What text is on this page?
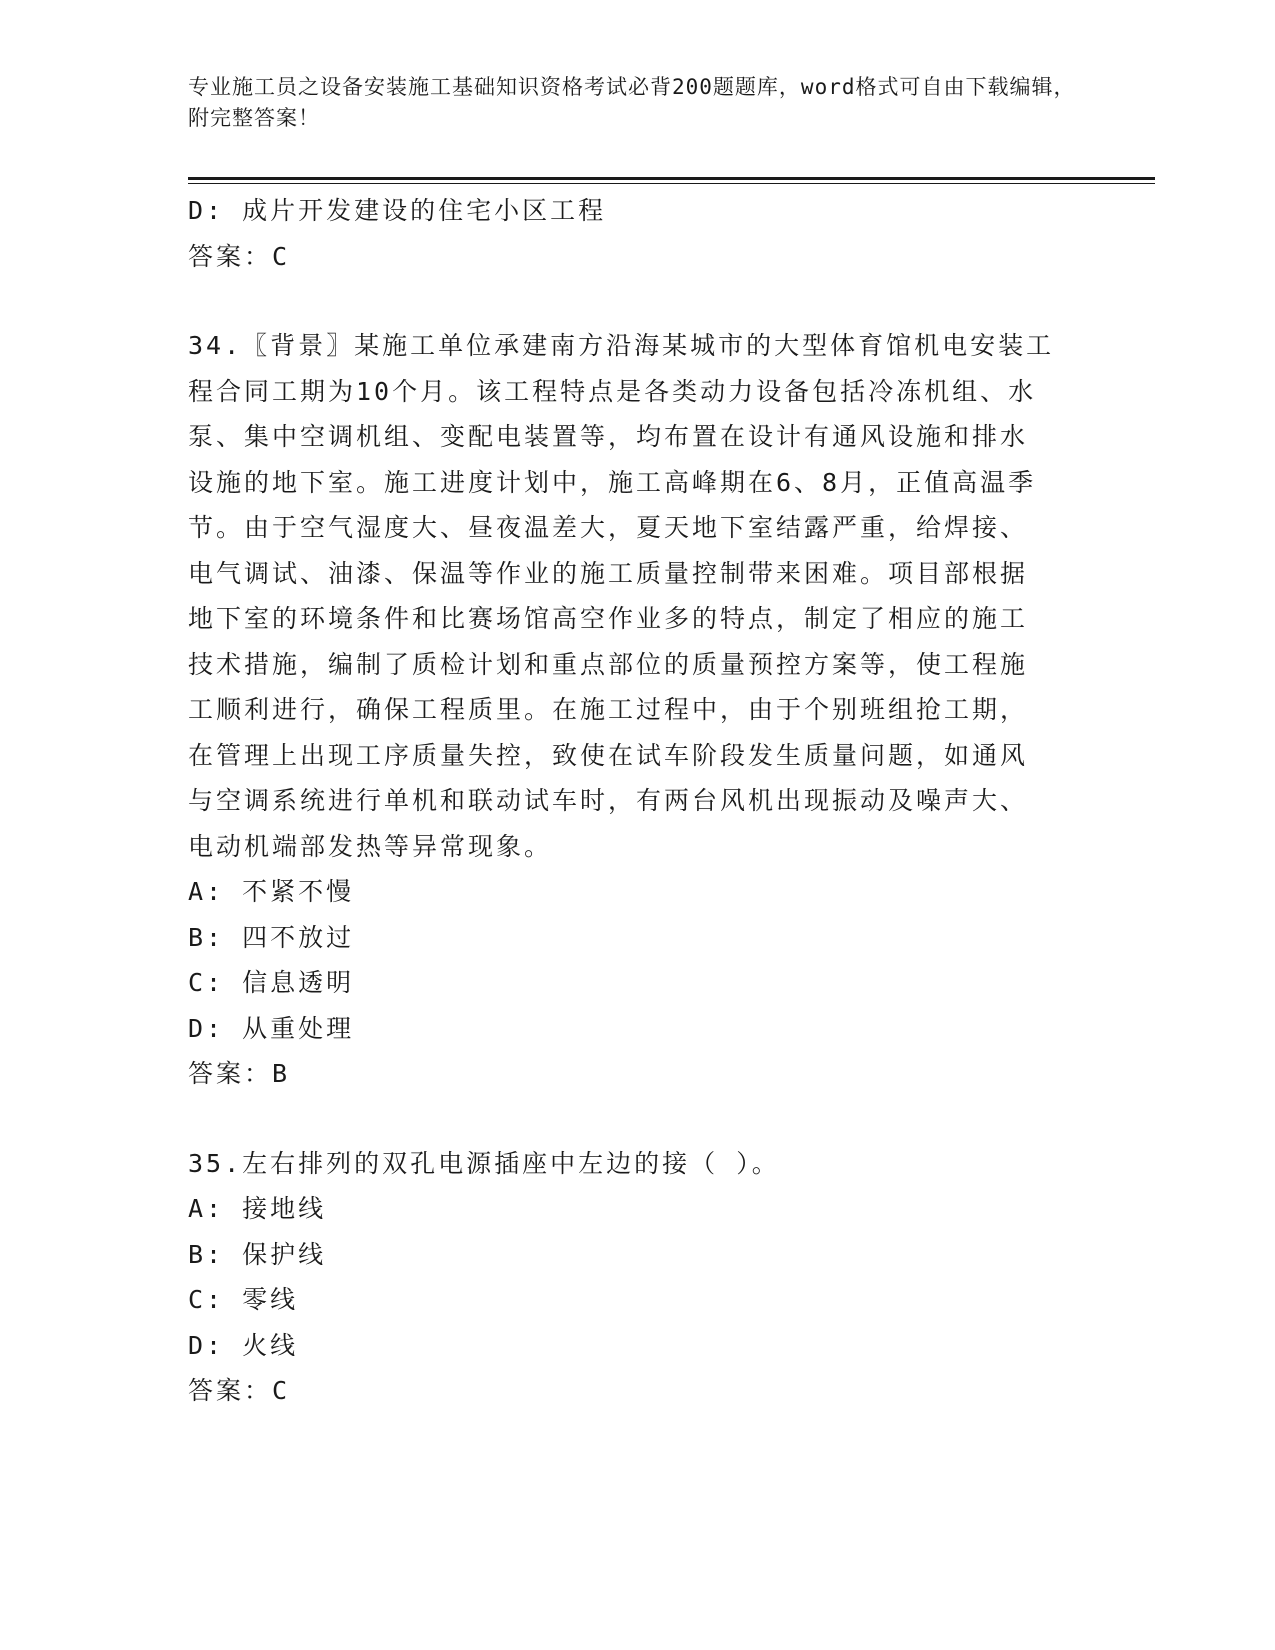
专业施工员之设备安装施工基础知识资格考试必背200题题库，word格式可自由下载编辑，附完整答案！
D: 成片开发建设的住宅小区工程
答案：C
34.〖背景〗某施工单位承建南方沿海某城市的大型体育馆机电安装工
程合同工期为10个月。该工程特点是各类动力设备包括冷冻机组、水
泵、集中空调机组、变配电装置等，均布置在设计有通风设施和排水
设施的地下室。施工进度计划中，施工高峰期在6、8月，正值高温季
节。由于空气湿度大、昼夜温差大，夏天地下室结露严重，给焊接、
电气调试、油漆、保温等作业的施工质量控制带来困难。项目部根据
地下室的环境条件和比赛场馆高空作业多的特点，制定了相应的施工
技术措施，编制了质检计划和重点部位的质量预控方案等，使工程施
工顺利进行，确保工程质里。在施工过程中，由于个别班组抢工期，
在管理上出现工序质量失控，致使在试车阶段发生质量问题，如通风
与空调系统进行单机和联动试车时，有两台风机出现振动及噪声大、
电动机端部发热等异常现象。
A: 不紧不慢
B: 四不放过
C: 信息透明
D: 从重处理
答案：B
35.左右排列的双孔电源插座中左边的接（ ）。
A: 接地线
B: 保护线
C: 零线
D: 火线
答案：C
